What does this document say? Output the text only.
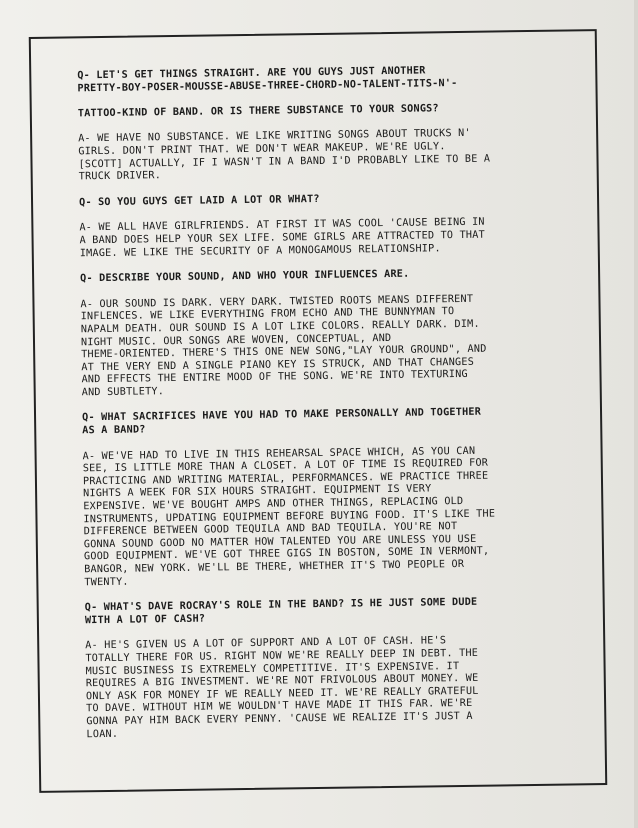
Q- LET'S GET THINGS STRAIGHT. ARE YOU GUYS JUST ANOTHER
PRETTY-BOY-POSER-MOUSSE-ABUSE-THREE-CHORD-NO-TALENT-TITS-N'-
TATTOO-KIND OF BAND. OR IS THERE SUBSTANCE TO YOUR SONGS?
A- WE HAVE NO SUBSTANCE. WE LIKE WRITING SONGS ABOUT TRUCKS N'
GIRLS. DON'T PRINT THAT. WE DON'T WEAR MAKEUP. WE'RE UGLY.
[SCOTT] ACTUALLY, IF I WASN'T IN A BAND I'D PROBABLY LIKE TO BE A
TRUCK DRIVER.
Q- SO YOU GUYS GET LAID A LOT OR WHAT?
A- WE ALL HAVE GIRLFRIENDS. AT FIRST IT WAS COOL 'CAUSE BEING IN
A BAND DOES HELP YOUR SEX LIFE. SOME GIRLS ARE ATTRACTED TO THAT
IMAGE. WE LIKE THE SECURITY OF A MONOGAMOUS RELATIONSHIP.
Q- DESCRIBE YOUR SOUND, AND WHO YOUR INFLUENCES ARE.
A- OUR SOUND IS DARK. VERY DARK. TWISTED ROOTS MEANS DIFFERENT
INFLENCES. WE LIKE EVERYTHING FROM ECHO AND THE BUNNYMAN TO
NAPALM DEATH. OUR SOUND IS A LOT LIKE COLORS. REALLY DARK. DIM.
NIGHT MUSIC. OUR SONGS ARE WOVEN, CONCEPTUAL, AND
THEME-ORIENTED. THERE'S THIS ONE NEW SONG,"LAY YOUR GROUND", AND
AT THE VERY END A SINGLE PIANO KEY IS STRUCK, AND THAT CHANGES
AND EFFECTS THE ENTIRE MOOD OF THE SONG. WE'RE INTO TEXTURING
AND SUBTLETY.
Q- WHAT SACRIFICES HAVE YOU HAD TO MAKE PERSONALLY AND TOGETHER
AS A BAND?
A- WE'VE HAD TO LIVE IN THIS REHEARSAL SPACE WHICH, AS YOU CAN
SEE, IS LITTLE MORE THAN A CLOSET. A LOT OF TIME IS REQUIRED FOR
PRACTICING AND WRITING MATERIAL, PERFORMANCES. WE PRACTICE THREE
NIGHTS A WEEK FOR SIX HOURS STRAIGHT. EQUIPMENT IS VERY
EXPENSIVE. WE'VE BOUGHT AMPS AND OTHER THINGS, REPLACING OLD
INSTRUMENTS, UPDATING EQUIPMENT BEFORE BUYING FOOD. IT'S LIKE THE
DIFFERENCE BETWEEN GOOD TEQUILA AND BAD TEQUILA. YOU'RE NOT
GONNA SOUND GOOD NO MATTER HOW TALENTED YOU ARE UNLESS YOU USE
GOOD EQUIPMENT. WE'VE GOT THREE GIGS IN BOSTON, SOME IN VERMONT,
BANGOR, NEW YORK. WE'LL BE THERE, WHETHER IT'S TWO PEOPLE OR
TWENTY.
Q- WHAT'S DAVE ROCRAY'S ROLE IN THE BAND? IS HE JUST SOME DUDE
WITH A LOT OF CASH?
A- HE'S GIVEN US A LOT OF SUPPORT AND A LOT OF CASH. HE'S
TOTALLY THERE FOR US. RIGHT NOW WE'RE REALLY DEEP IN DEBT. THE
MUSIC BUSINESS IS EXTREMELY COMPETITIVE. IT'S EXPENSIVE. IT
REQUIRES A BIG INVESTMENT. WE'RE NOT FRIVOLOUS ABOUT MONEY. WE
ONLY ASK FOR MONEY IF WE REALLY NEED IT. WE'RE REALLY GRATEFUL
TO DAVE. WITHOUT HIM WE WOULDN'T HAVE MADE IT THIS FAR. WE'RE
GONNA PAY HIM BACK EVERY PENNY. 'CAUSE WE REALIZE IT'S JUST A
LOAN.
